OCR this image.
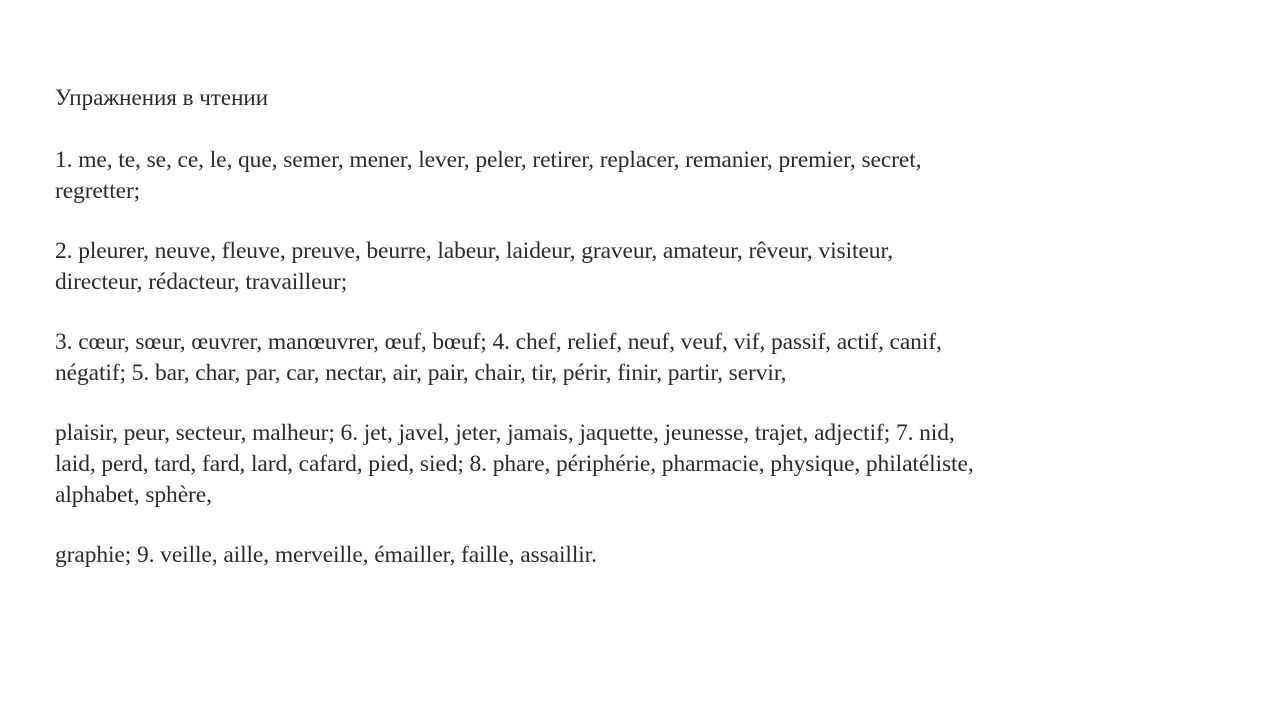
Упражнения в чтении

1. me, te, se, ce, le, que, semer, mener, lever, peler, retirer, replacer, remanier, premier, secret,
regretter;

2. pleurer, neuve, fleuve, preuve, beurre, labeur, laideur, graveur, amateur, rêveur, visiteur,
directeur, rédacteur, travailleur;

3. cœur, sœur, œuvrer, manœuvrer, œuf, bœuf; 4. chef, relief, neuf, veuf, vif, passif, actif, canif,
négatif; 5. bar, char, par, car, nectar, air, pair, chair, tir, périr, finir, partir, servir,

plaisir, peur, secteur, malheur; 6. jet, javel, jeter, jamais, jaquette, jeunesse, trajet, adjectif; 7. nid,
laid, perd, tard, fard, lard, cafard, pied, sied; 8. phare, périphérie, pharmacie, physique, philatéliste,
alphabet, sphère,

graphie; 9. veille, aille, merveille, émailler, faille, assaillir.
